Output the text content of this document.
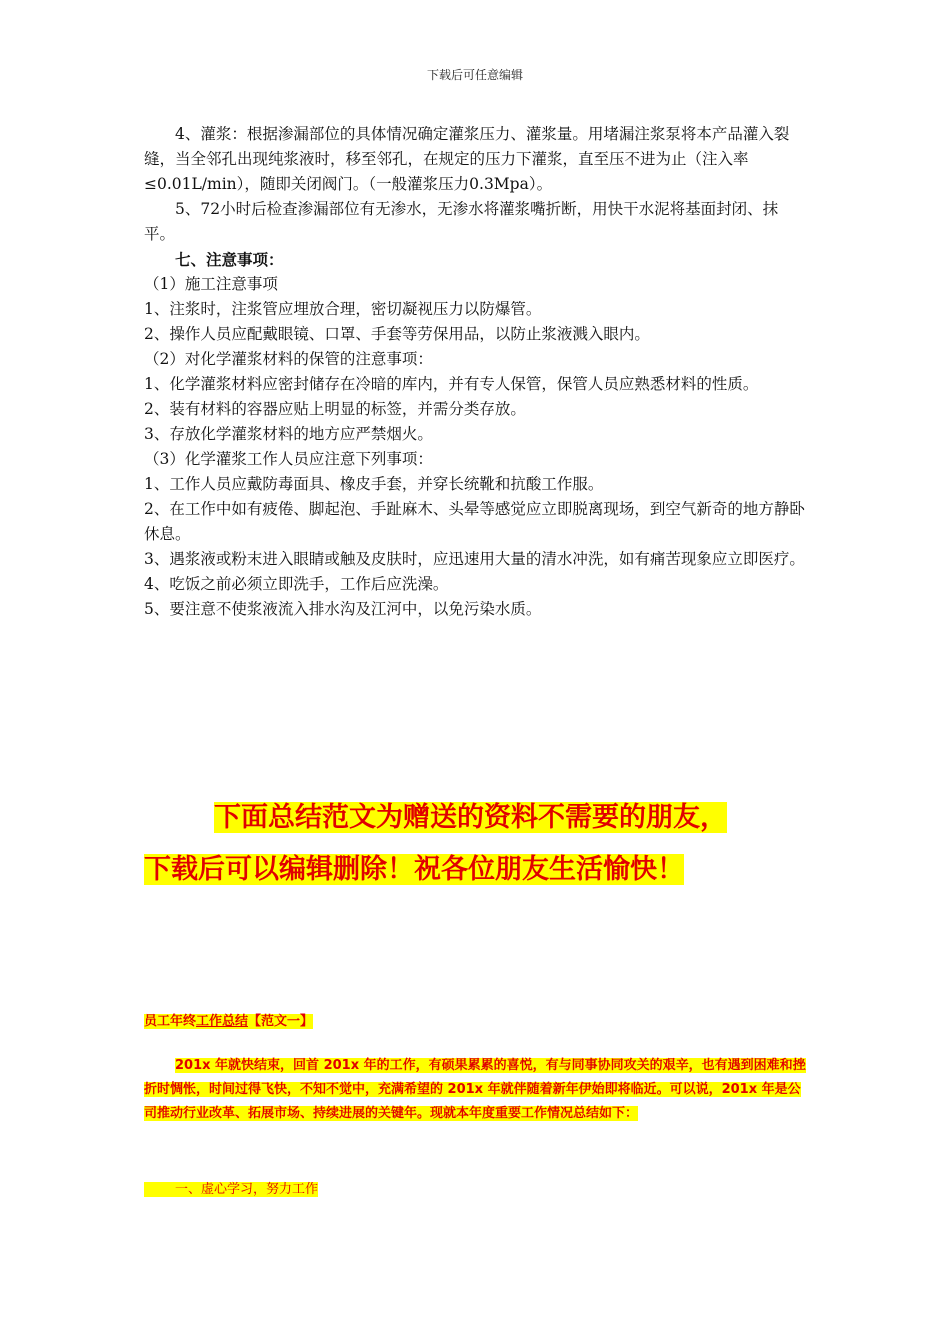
下载后可任意编辑

4、灌浆：根据渗漏部位的具体情况确定灌浆压力、灌浆量。用堵漏注浆泵将本产品灌入裂缝，当全邻孔出现纯浆液时，移至邻孔，在规定的压力下灌浆，直至压不进为止（注入率≤0.01L/min），随即关闭阀门。（一般灌浆压力0.3Mpa）。

5、72小时后检查渗漏部位有无渗水，无渗水将灌浆嘴折断，用快干水泥将基面封闭、抹平。

七、注意事项：

（1）施工注意事项

1、注浆时，注浆管应埋放合理，密切凝视压力以防爆管。

2、操作人员应配戴眼镜、口罩、手套等劳保用品，以防止浆液溅入眼内。

（2）对化学灌浆材料的保管的注意事项：

1、化学灌浆材料应密封储存在冷暗的库内，并有专人保管，保管人员应熟悉材料的性质。

2、装有材料的容器应贴上明显的标签，并需分类存放。

3、存放化学灌浆材料的地方应严禁烟火。

（3）化学灌浆工作人员应注意下列事项：

1、工作人员应戴防毒面具、橡皮手套，并穿长统靴和抗酸工作服。

2、在工作中如有疲倦、脚起泡、手趾麻木、头晕等感觉应立即脱离现场，到空气新奇的地方静卧休息。

3、遇浆液或粉末进入眼睛或触及皮肤时，应迅速用大量的清水冲洗，如有痛苦现象应立即医疗。

4、吃饭之前必须立即洗手，工作后应洗澡。

5、要注意不使浆液流入排水沟及江河中，以免污染水质。

下面总结范文为赠送的资料不需要的朋友，
下载后可以编辑删除！祝各位朋友生活愉快！
员工年终工作总结【范文一】
201x 年就快结束，回首 201x 年的工作，有硕果累累的喜悦，有与同事协同攻关的艰辛，也有遇到困难和挫折时惆怅，时间过得飞快，不知不觉中，充满希望的 201x 年就伴随着新年伊始即将临近。可以说，201x 年是公司推动行业改革、拓展市场、持续进展的关键年。现就本年度重要工作情况总结如下：
一、虚心学习，努力工作
